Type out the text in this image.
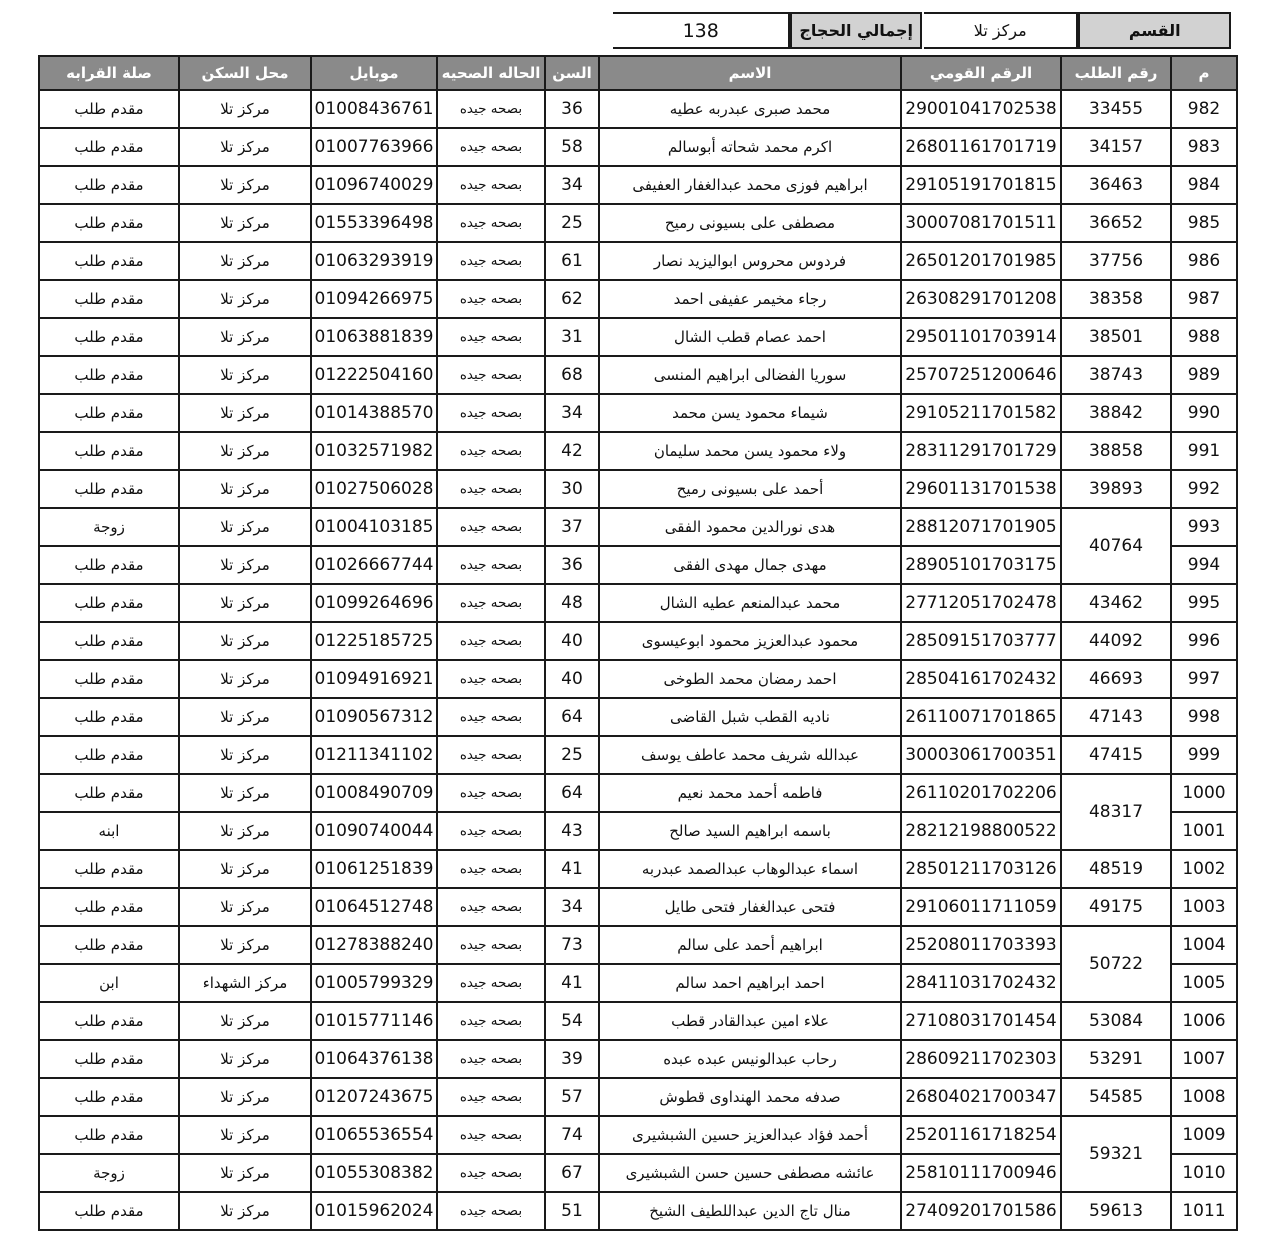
القسم
مركز تلا
إجمالي الحجاج
138
م	رقم الطلب	الرقم القومي	الاسم	السن	الحاله الصحيه	موبايل	محل السكن	صلة القرابه
982	33455	29001041702538	محمد صبرى عبدربه عطيه	36	بصحه جيده	01008436761	مركز تلا	مقدم طلب
983	34157	26801161701719	اكرم محمد شحاته أبوسالم	58	بصحه جيده	01007763966	مركز تلا	مقدم طلب
984	36463	29105191701815	ابراهيم فوزى محمد عبدالغفار العفيفى	34	بصحه جيده	01096740029	مركز تلا	مقدم طلب
985	36652	30007081701511	مصطفى على بسيونى رميح	25	بصحه جيده	01553396498	مركز تلا	مقدم طلب
986	37756	26501201701985	فردوس محروس ابواليزيد نصار	61	بصحه جيده	01063293919	مركز تلا	مقدم طلب
987	38358	26308291701208	رجاء مخيمر عفيفى احمد	62	بصحه جيده	01094266975	مركز تلا	مقدم طلب
988	38501	29501101703914	احمد عصام قطب الشال	31	بصحه جيده	01063881839	مركز تلا	مقدم طلب
989	38743	25707251200646	سوريا الفضالى ابراهيم المنسى	68	بصحه جيده	01222504160	مركز تلا	مقدم طلب
990	38842	29105211701582	شيماء محمود يسن محمد	34	بصحه جيده	01014388570	مركز تلا	مقدم طلب
991	38858	28311291701729	ولاء محمود يسن محمد سليمان	42	بصحه جيده	01032571982	مركز تلا	مقدم طلب
992	39893	29601131701538	أحمد على بسيونى رميح	30	بصحه جيده	01027506028	مركز تلا	مقدم طلب
993	40764	28812071701905	هدى نورالدين محمود الفقى	37	بصحه جيده	01004103185	مركز تلا	زوجة
994		28905101703175	مهدى جمال مهدى الفقى	36	بصحه جيده	01026667744	مركز تلا	مقدم طلب
995	43462	27712051702478	محمد عبدالمنعم عطيه الشال	48	بصحه جيده	01099264696	مركز تلا	مقدم طلب
996	44092	28509151703777	محمود عبدالعزيز محمود ابوعيسوى	40	بصحه جيده	01225185725	مركز تلا	مقدم طلب
997	46693	28504161702432	احمد رمضان محمد الطوخى	40	بصحه جيده	01094916921	مركز تلا	مقدم طلب
998	47143	26110071701865	ناديه القطب شبل القاضى	64	بصحه جيده	01090567312	مركز تلا	مقدم طلب
999	47415	30003061700351	عبدالله شريف محمد عاطف يوسف	25	بصحه جيده	01211341102	مركز تلا	مقدم طلب
1000	48317	26110201702206	فاطمه أحمد محمد نعيم	64	بصحه جيده	01008490709	مركز تلا	مقدم طلب
1001		28212198800522	باسمه ابراهيم السيد صالح	43	بصحه جيده	01090740044	مركز تلا	ابنه
1002	48519	28501211703126	اسماء عبدالوهاب عبدالصمد عبدربه	41	بصحه جيده	01061251839	مركز تلا	مقدم طلب
1003	49175	29106011711059	فتحى عبدالغفار فتحى طايل	34	بصحه جيده	01064512748	مركز تلا	مقدم طلب
1004	50722	25208011703393	ابراهيم أحمد على سالم	73	بصحه جيده	01278388240	مركز تلا	مقدم طلب
1005		28411031702432	احمد ابراهيم احمد سالم	41	بصحه جيده	01005799329	مركز الشهداء	ابن
1006	53084	27108031701454	علاء امين عبدالقادر قطب	54	بصحه جيده	01015771146	مركز تلا	مقدم طلب
1007	53291	28609211702303	رحاب عبدالونيس عبده عبده	39	بصحه جيده	01064376138	مركز تلا	مقدم طلب
1008	54585	26804021700347	صدفه محمد الهنداوى قطوش	57	بصحه جيده	01207243675	مركز تلا	مقدم طلب
1009	59321	25201161718254	أحمد فؤاد عبدالعزيز حسين الشبشيرى	74	بصحه جيده	01065536554	مركز تلا	مقدم طلب
1010		25810111700946	عائشه مصطفى حسين حسن الشبشيرى	67	بصحه جيده	01055308382	مركز تلا	زوجة
1011	59613	27409201701586	منال تاج الدين عبداللطيف الشيخ	51	بصحه جيده	01015962024	مركز تلا	مقدم طلب
